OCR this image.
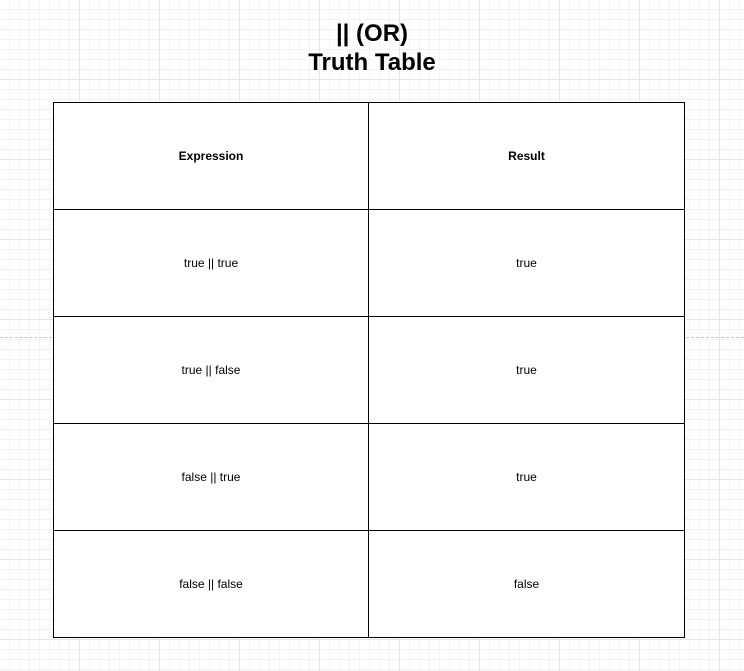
|| (OR)
Truth Table
Expression	Result
true || true	true
true || false	true
false || true	true
false || false	false
